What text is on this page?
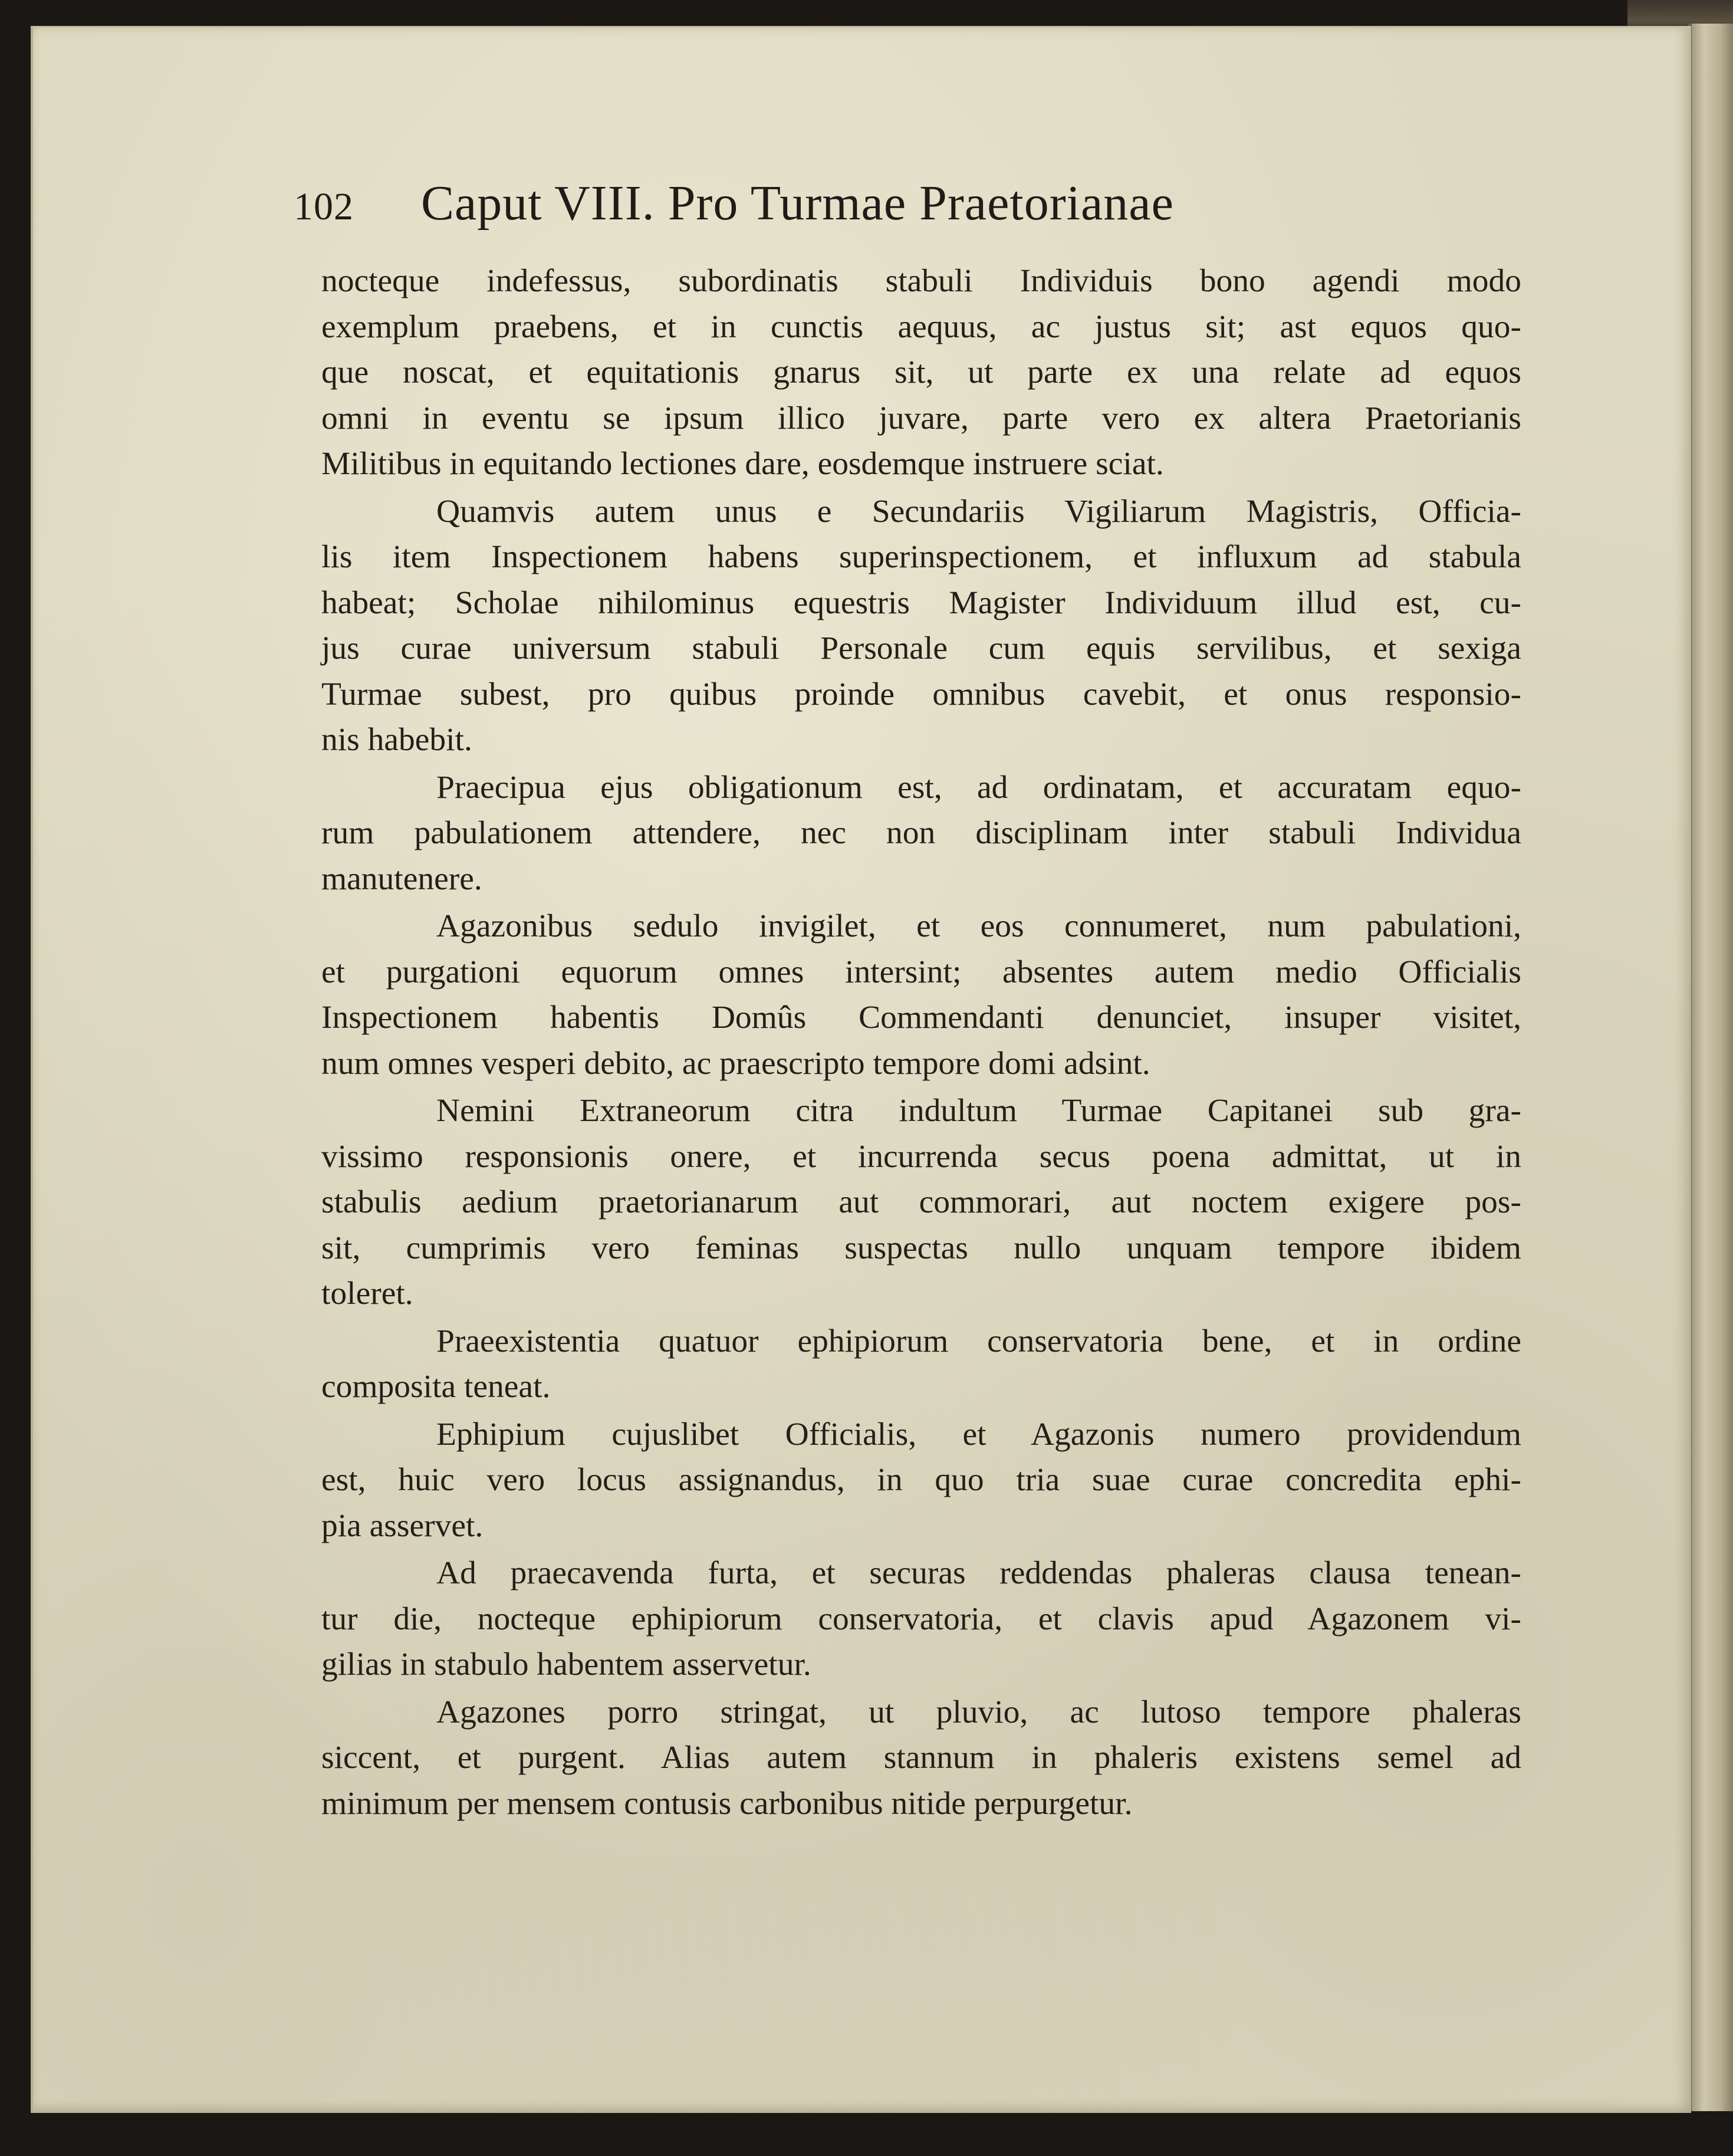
102 Caput VIII. Pro Turmae Praetorianae
nocteque indefessus, subordinatis stabuli Individuis bono agendi modo
exemplum praebens, et in cunctis aequus, ac justus sit; ast equos quo-
que noscat, et equitationis gnarus sit, ut parte ex una relate ad equos
omni in eventu se ipsum illico juvare, parte vero ex altera Praetorianis
Militibus in equitando lectiones dare, eosdemque instruere sciat.
Quamvis autem unus e Secundariis Vigiliarum Magistris, Officia-
lis item Inspectionem habens superinspectionem, et influxum ad stabula
habeat; Scholae nihilominus equestris Magister Individuum illud est, cu-
jus curae universum stabuli Personale cum equis servilibus, et sexiga
Turmae subest, pro quibus proinde omnibus cavebit, et onus responsio-
nis habebit.
Praecipua ejus obligationum est, ad ordinatam, et accuratam equo-
rum pabulationem attendere, nec non disciplinam inter stabuli Individua
manutenere.
Agazonibus sedulo invigilet, et eos connumeret, num pabulationi,
et purgationi equorum omnes intersint; absentes autem medio Officialis
Inspectionem habentis Domûs Commendanti denunciet, insuper visitet,
num omnes vesperi debito, ac praescripto tempore domi adsint.
Nemini Extraneorum citra indultum Turmae Capitanei sub gra-
vissimo responsionis onere, et incurrenda secus poena admittat, ut in
stabulis aedium praetorianarum aut commorari, aut noctem exigere pos-
sit, cumprimis vero feminas suspectas nullo unquam tempore ibidem
toleret.
Praeexistentia quatuor ephipiorum conservatoria bene, et in ordine
composita teneat.
Ephipium cujuslibet Officialis, et Agazonis numero providendum
est, huic vero locus assignandus, in quo tria suae curae concredita ephi-
pia asservet.
Ad praecavenda furta, et securas reddendas phaleras clausa tenean-
tur die, nocteque ephipiorum conservatoria, et clavis apud Agazonem vi-
gilias in stabulo habentem asservetur.
Agazones porro stringat, ut pluvio, ac lutoso tempore phaleras
siccent, et purgent. Alias autem stannum in phaleris existens semel ad
minimum per mensem contusis carbonibus nitide perpurgetur.
